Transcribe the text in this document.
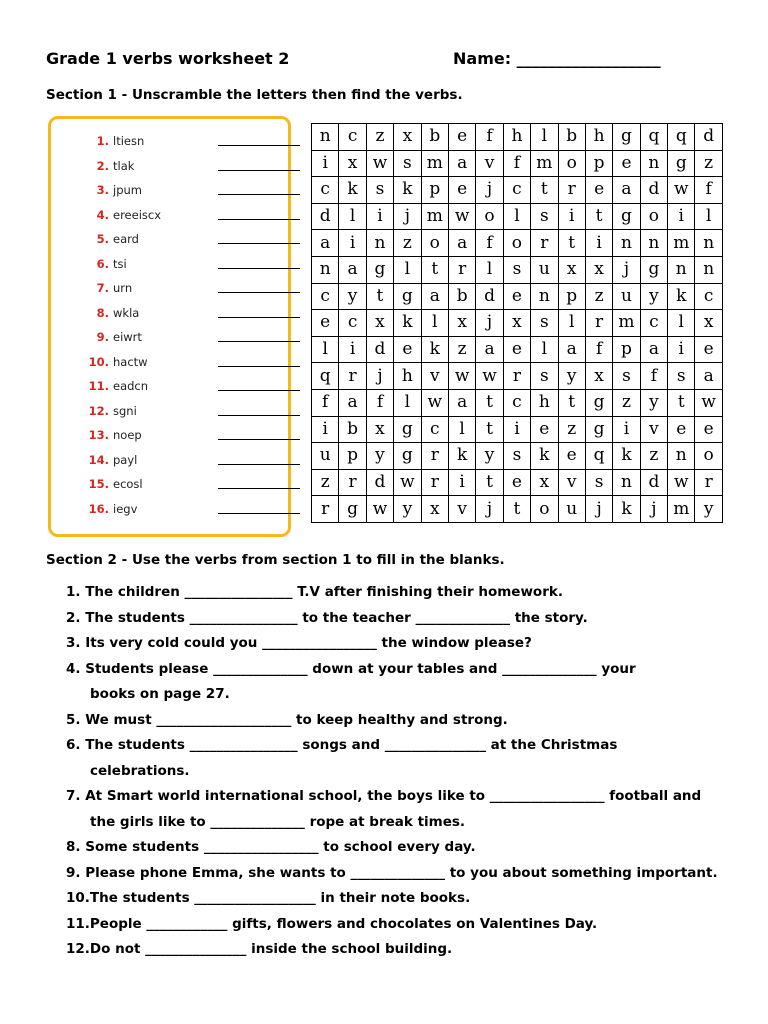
Grade 1 verbs worksheet 2	Name: __________________
Section 1 - Unscramble the letters then find the verbs.
1. ltiesn
2. tlak
3. jpum
4. ereeiscx
5. eard
6. tsi
7. urn
8. wkla
9. eiwrt
10. hactw
11. eadcn
12. sgni
13. noep
14. payl
15. ecosl
16. iegv
n	c	z	x	b	e	f	h	l	b	h	g	q	q	d
i	x	w	s	m	a	v	f	m	o	p	e	n	g	z
c	k	s	k	p	e	j	c	t	r	e	a	d	w	f
d	l	i	j	m	w	o	l	s	i	t	g	o	i	l
a	i	n	z	o	a	f	o	r	t	i	n	n	m	n
n	a	g	l	t	r	l	s	u	x	x	j	g	n	n
c	y	t	g	a	b	d	e	n	p	z	u	y	k	c
e	c	x	k	l	x	j	x	s	l	r	m	c	l	x
l	i	d	e	k	z	a	e	l	a	f	p	a	i	e
q	r	j	h	v	w	w	r	s	y	x	s	f	s	a
f	a	f	l	w	a	t	c	h	t	g	z	y	t	w
i	b	x	g	c	l	t	i	e	z	g	i	v	e	e
u	p	y	g	r	k	y	s	k	e	q	k	z	n	o
z	r	d	w	r	i	t	e	x	v	s	n	d	w	r
r	g	w	y	x	v	j	t	o	u	j	k	j	m	y
Section 2 - Use the verbs from section 1 to fill in the blanks.
1. The children ________________ T.V after finishing their homework.
2. The students ________________ to the teacher ______________ the story.
3. Its very cold could you _________________ the window please?
4. Students please ______________ down at your tables and ______________ your
books on page 27.
5. We must ____________________ to keep healthy and strong.
6. The students ________________ songs and _______________ at the Christmas
celebrations.
7. At Smart world international school, the boys like to _________________ football and
the girls like to ______________ rope at break times.
8. Some students _________________ to school every day.
9. Please phone Emma, she wants to ______________ to you about something important.
10.The students __________________ in their note books.
11.People ____________ gifts, flowers and chocolates on Valentines Day.
12.Do not _______________ inside the school building.
